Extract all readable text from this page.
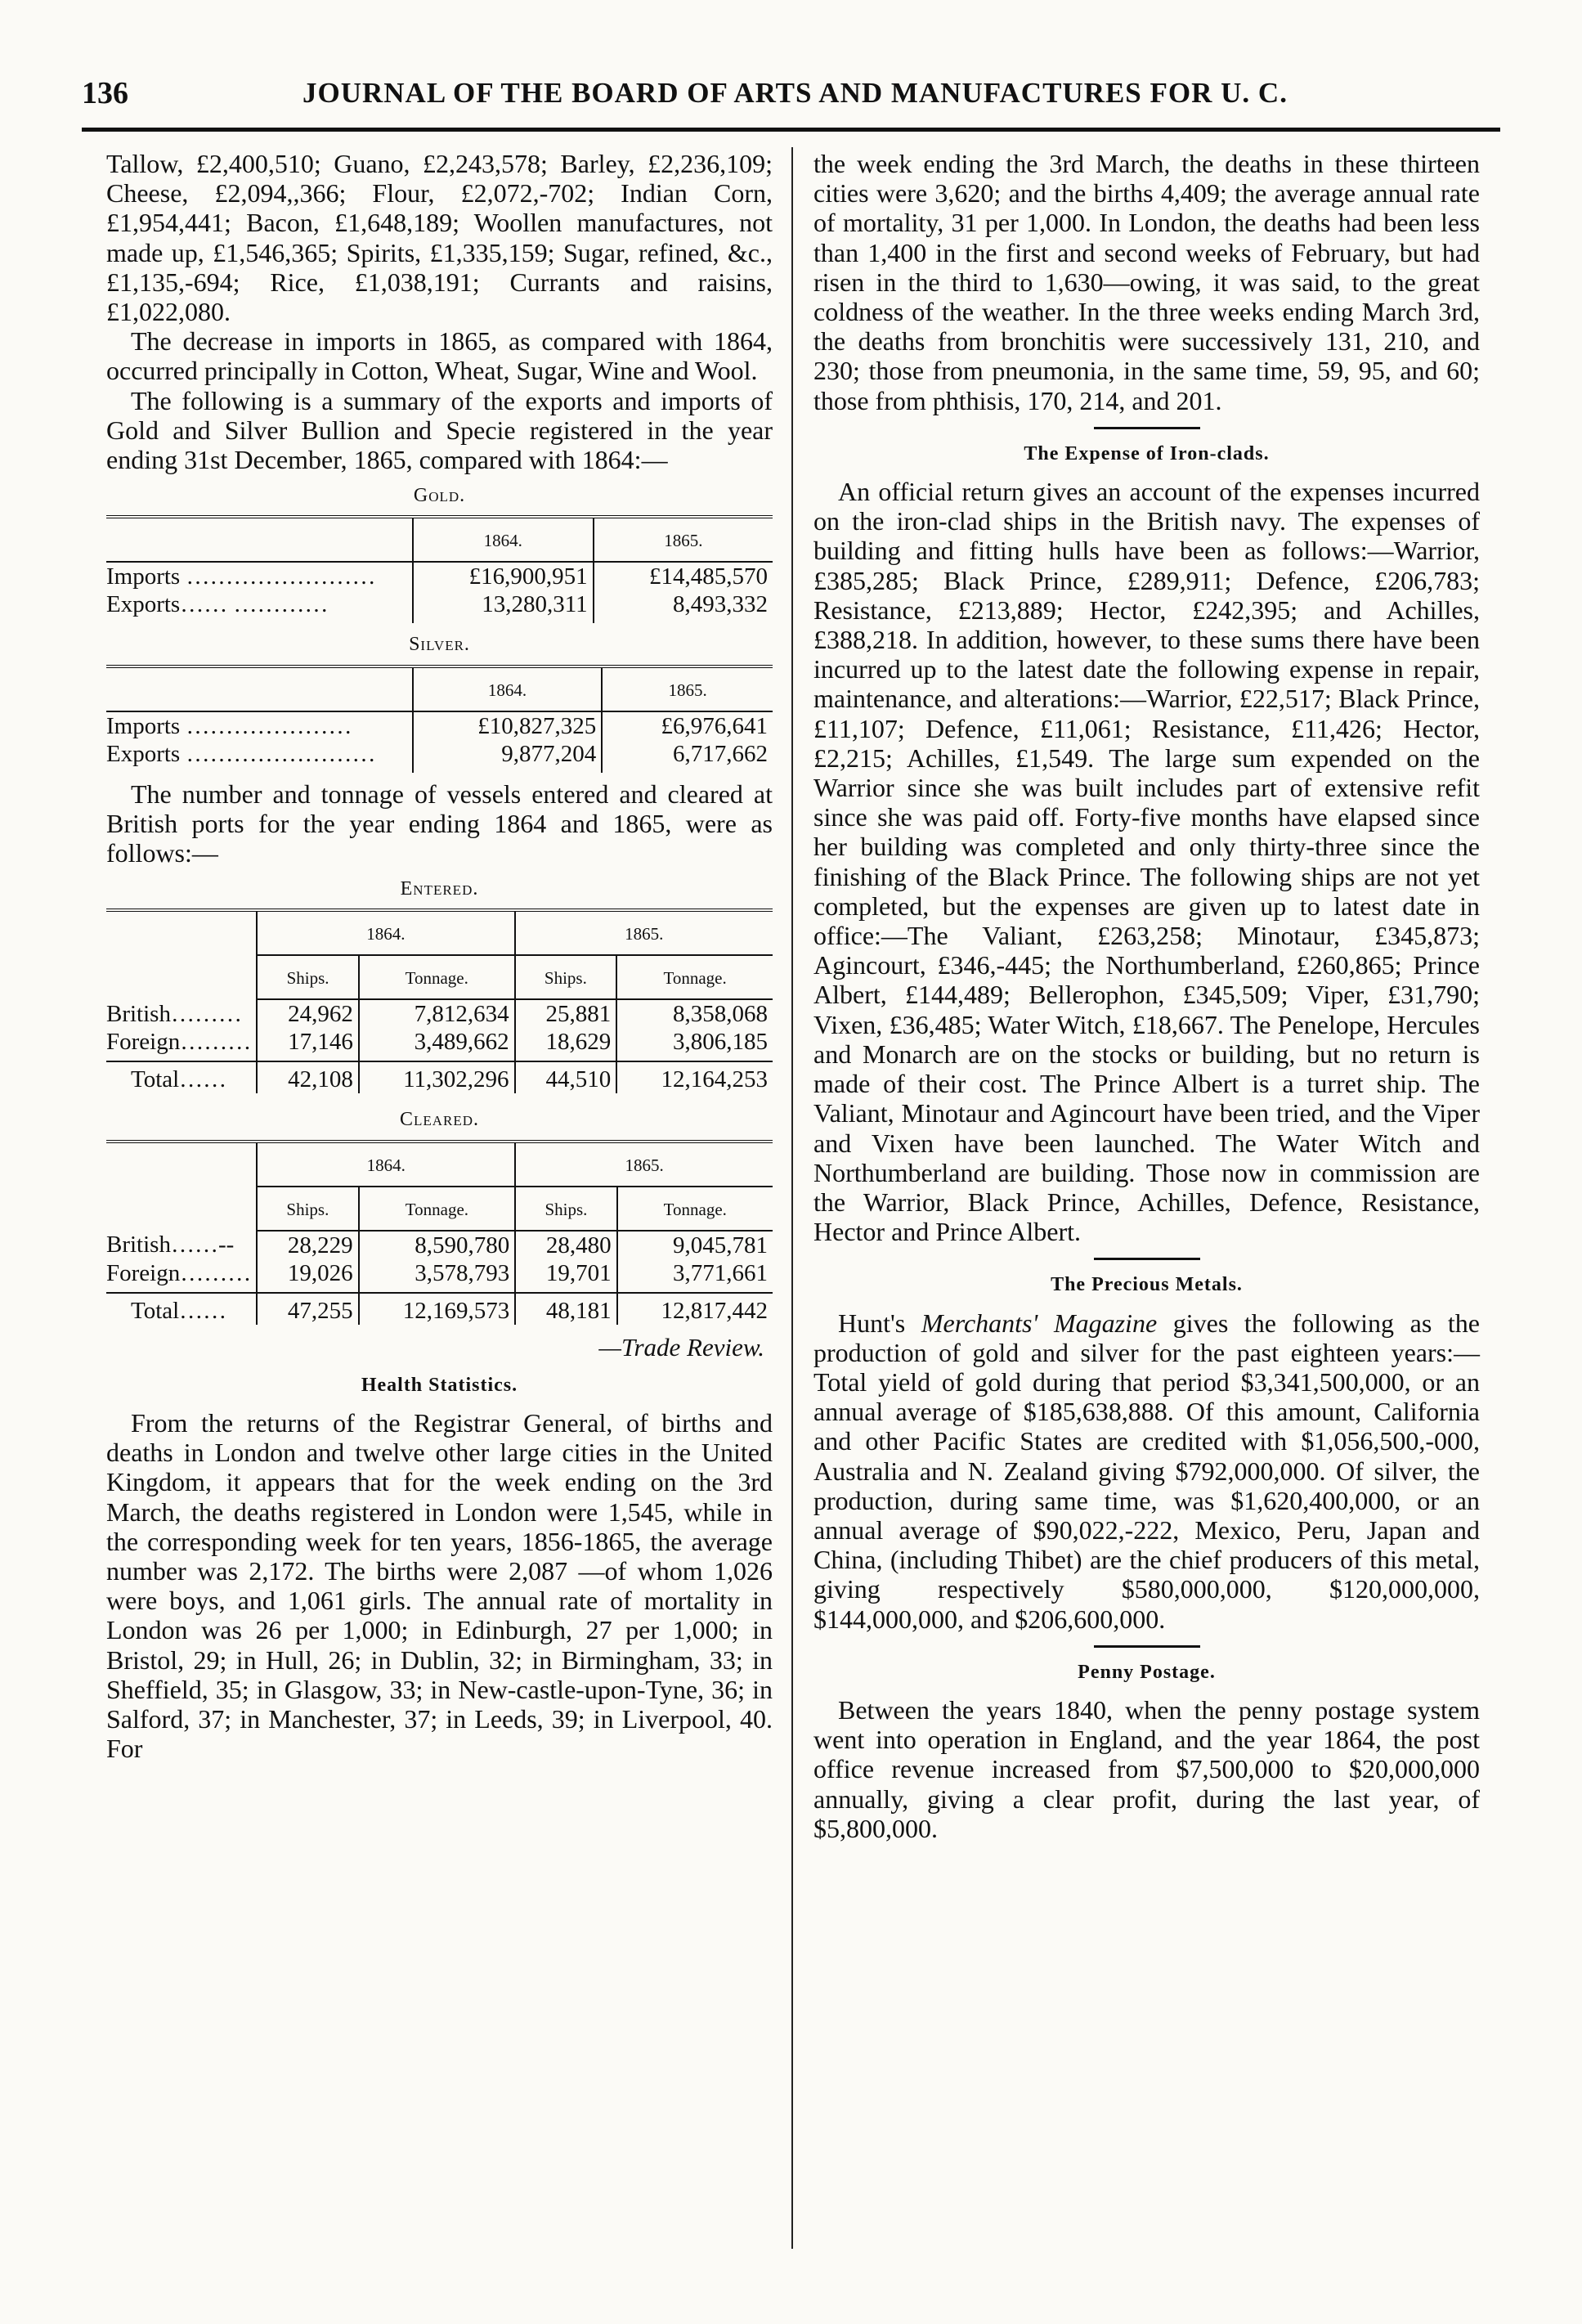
136	JOURNAL OF THE BOARD OF ARTS AND MANUFACTURES FOR U. C.

Tallow, £2,400,510; Guano, £2,243,578; Barley, £2,236,109; Cheese, £2,094,,366; Flour, £2,072,-702; Indian Corn, £1,954,441; Bacon, £1,648,189; Woollen manufactures, not made up, £1,546,365; Spirits, £1,335,159; Sugar, refined, &c., £1,135,-694; Rice, £1,038,191; Currants and raisins, £1,022,080.

The decrease in imports in 1865, as compared with 1864, occurred principally in Cotton, Wheat, Sugar, Wine and Wool.

The following is a summary of the exports and imports of Gold and Silver Bullion and Specie registered in the year ending 31st December, 1865, compared with 1864:—

Gold.
	1864.	1865.
Imports ……………………	£16,900,951	£14,485,570
Exports…… …………	13,280,311	8,493,332
Silver.
	1864.	1865.
Imports …………………	£10,827,325	£6,976,641
Exports ……………………	9,877,204	6,717,662

The number and tonnage of vessels entered and cleared at British ports for the year ending 1864 and 1865, were as follows:—

Entered.
	1864.		1865.	
	Ships.	Tonnage.	Ships.	Tonnage.
British………	24,962	7,812,634	25,881	8,358,068
Foreign………	17,146	3,489,662	18,629	3,806,185
Total……	42,108	11,302,296	44,510	12,164,253
Cleared.
	1864.		1865.	
	Ships.	Tonnage.	Ships.	Tonnage.
British……--	28,229	8,590,780	28,480	9,045,781
Foreign………	19,026	3,578,793	19,701	3,771,661
Total……	47,255	12,169,573	48,181	12,817,442
—Trade Review.
Health Statistics.

From the returns of the Registrar General, of births and deaths in London and twelve other large cities in the United Kingdom, it appears that for the week ending on the 3rd March, the deaths registered in London were 1,545, while in the corresponding week for ten years, 1856-1865, the average number was 2,172. The births were 2,087 —of whom 1,026 were boys, and 1,061 girls. The annual rate of mortality in London was 26 per 1,000; in Edinburgh, 27 per 1,000; in Bristol, 29; in Hull, 26; in Dublin, 32; in Birmingham, 33; in Sheffield, 35; in Glasgow, 33; in New-castle-upon-Tyne, 36; in Salford, 37; in Manchester, 37; in Leeds, 39; in Liverpool, 40. For

the week ending the 3rd March, the deaths in these thirteen cities were 3,620; and the births 4,409; the average annual rate of mortality, 31 per 1,000. In London, the deaths had been less than 1,400 in the first and second weeks of February, but had risen in the third to 1,630—owing, it was said, to the great coldness of the weather. In the three weeks ending March 3rd, the deaths from bronchitis were successively 131, 210, and 230; those from pneumonia, in the same time, 59, 95, and 60; those from phthisis, 170, 214, and 201.

The Expense of Iron-clads.

An official return gives an account of the expenses incurred on the iron-clad ships in the British navy. The expenses of building and fitting hulls have been as follows:—Warrior, £385,285; Black Prince, £289,911; Defence, £206,783; Resistance, £213,889; Hector, £242,395; and Achilles, £388,218. In addition, however, to these sums there have been incurred up to the latest date the following expense in repair, maintenance, and alterations:—Warrior, £22,517; Black Prince, £11,107; Defence, £11,061; Resistance, £11,426; Hector, £2,215; Achilles, £1,549. The large sum expended on the Warrior since she was built includes part of extensive refit since she was paid off. Forty-five months have elapsed since her building was completed and only thirty-three since the finishing of the Black Prince. The following ships are not yet completed, but the expenses are given up to latest date in office:—The Valiant, £263,258; Minotaur, £345,873; Agincourt, £346,-445; the Northumberland, £260,865; Prince Albert, £144,489; Bellerophon, £345,509; Viper, £31,790; Vixen, £36,485; Water Witch, £18,667. The Penelope, Hercules and Monarch are on the stocks or building, but no return is made of their cost. The Prince Albert is a turret ship. The Valiant, Minotaur and Agincourt have been tried, and the Viper and Vixen have been launched. The Water Witch and Northumberland are building. Those now in commission are the Warrior, Black Prince, Achilles, Defence, Resistance, Hector and Prince Albert.

The Precious Metals.

Hunt's Merchants' Magazine gives the following as the production of gold and silver for the past eighteen years:—Total yield of gold during that period $3,341,500,000, or an annual average of $185,638,888. Of this amount, California and other Pacific States are credited with $1,056,500,-000, Australia and N. Zealand giving $792,000,000. Of silver, the production, during same time, was $1,620,400,000, or an annual average of $90,022,-222, Mexico, Peru, Japan and China, (including Thibet) are the chief producers of this metal, giving respectively $580,000,000, $120,000,000, $144,000,000, and $206,600,000.

Penny Postage.

Between the years 1840, when the penny postage system went into operation in England, and the year 1864, the post office revenue increased from $7,500,000 to $20,000,000 annually, giving a clear profit, during the last year, of $5,800,000.
